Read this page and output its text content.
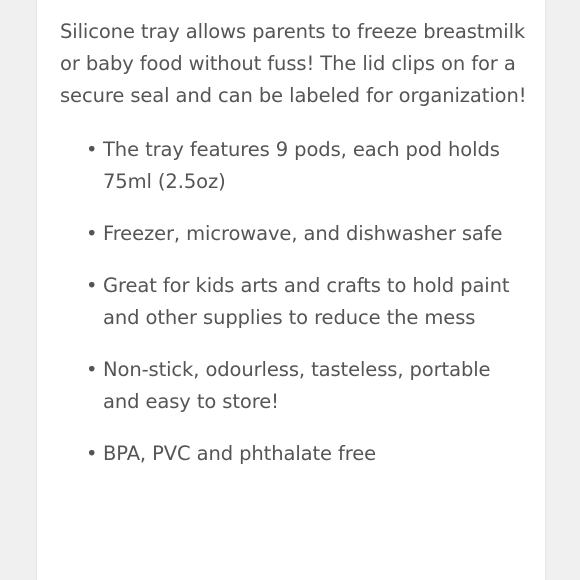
Silicone tray allows parents to freeze breastmilk or baby food without fuss! The lid clips on for a secure seal and can be labeled for organization!

• The tray features 9 pods, each pod holds 75ml (2.5oz)
• Freezer, microwave, and dishwasher safe
• Great for kids arts and crafts to hold paint and other supplies to reduce the mess
• Non-stick, odourless, tasteless, portable and easy to store!
• BPA, PVC and phthalate free
